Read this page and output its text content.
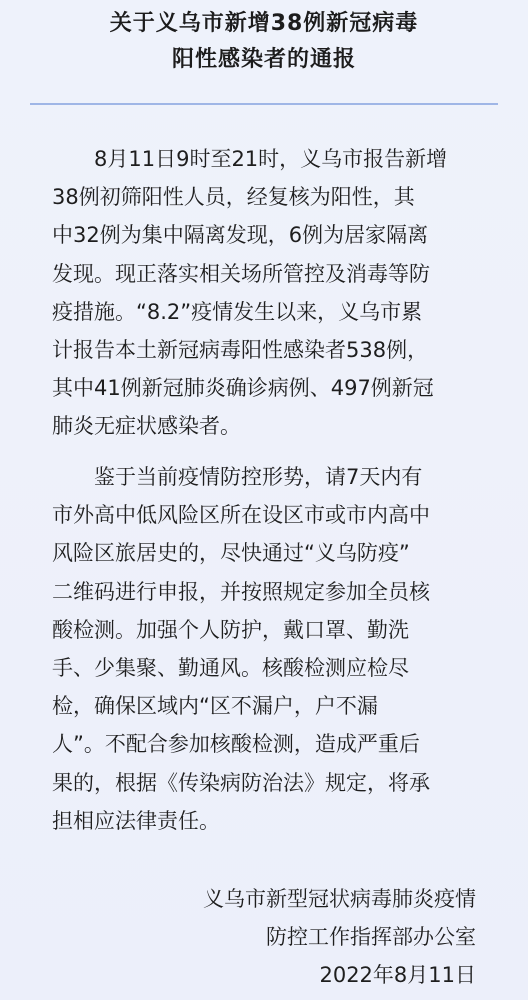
关于义乌市新增38例新冠病毒
阳性感染者的通报
8月11日9时至21时，义乌市报告新增
38例初筛阳性人员，经复核为阳性，其
中32例为集中隔离发现，6例为居家隔离
发现。现正落实相关场所管控及消毒等防
疫措施。“8.2”疫情发生以来，义乌市累
计报告本土新冠病毒阳性感染者538例，
其中41例新冠肺炎确诊病例、497例新冠
肺炎无症状感染者。
鉴于当前疫情防控形势，请7天内有
市外高中低风险区所在设区市或市内高中
风险区旅居史的，尽快通过“义乌防疫”
二维码进行申报，并按照规定参加全员核
酸检测。加强个人防护，戴口罩、勤洗
手、少集聚、勤通风。核酸检测应检尽
检，确保区域内“区不漏户，户不漏
人”。不配合参加核酸检测，造成严重后
果的，根据《传染病防治法》规定，将承
担相应法律责任。
义乌市新型冠状病毒肺炎疫情
防控工作指挥部办公室
2022年8月11日
